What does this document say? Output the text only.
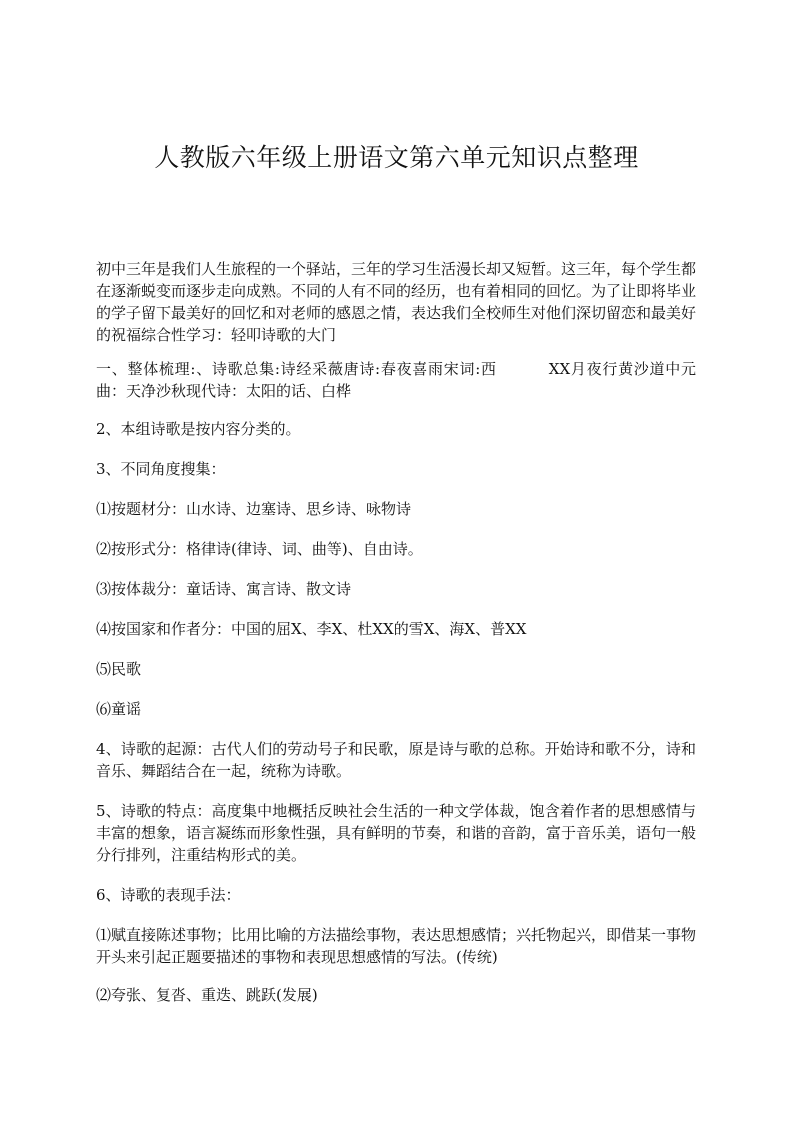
人教版六年级上册语文第六单元知识点整理

初中三年是我们人生旅程的一个驿站，三年的学习生活漫长却又短暂。这三年，每个学生都在逐渐蜕变而逐步走向成熟。不同的人有不同的经历，也有着相同的回忆。为了让即将毕业的学子留下最美好的回忆和对老师的感恩之情，表达我们全校师生对他们深切留恋和最美好的祝福综合性学习：轻叩诗歌的大门

一、整体梳理:、诗歌总集:诗经采薇唐诗:春夜喜雨宋词:西	XX月夜行黄沙道中元曲：天净沙秋现代诗：太阳的话、白桦

2、本组诗歌是按内容分类的。

3、不同角度搜集：

⑴按题材分：山水诗、边塞诗、思乡诗、咏物诗

⑵按形式分：格律诗(律诗、词、曲等)、自由诗。

⑶按体裁分：童话诗、寓言诗、散文诗

⑷按国家和作者分：中国的屈X、李X、杜XX的雪X、海X、普XX

⑸民歌

⑹童谣

4、诗歌的起源：古代人们的劳动号子和民歌，原是诗与歌的总称。开始诗和歌不分，诗和音乐、舞蹈结合在一起，统称为诗歌。

5、诗歌的特点：高度集中地概括反映社会生活的一种文学体裁，饱含着作者的思想感情与丰富的想象，语言凝练而形象性强，具有鲜明的节奏，和谐的音韵，富于音乐美，语句一般分行排列，注重结构形式的美。

6、诗歌的表现手法：

⑴赋直接陈述事物；比用比喻的方法描绘事物，表达思想感情；兴托物起兴，即借某一事物开头来引起正题要描述的事物和表现思想感情的写法。(传统)

⑵夸张、复沓、重迭、跳跃(发展)
